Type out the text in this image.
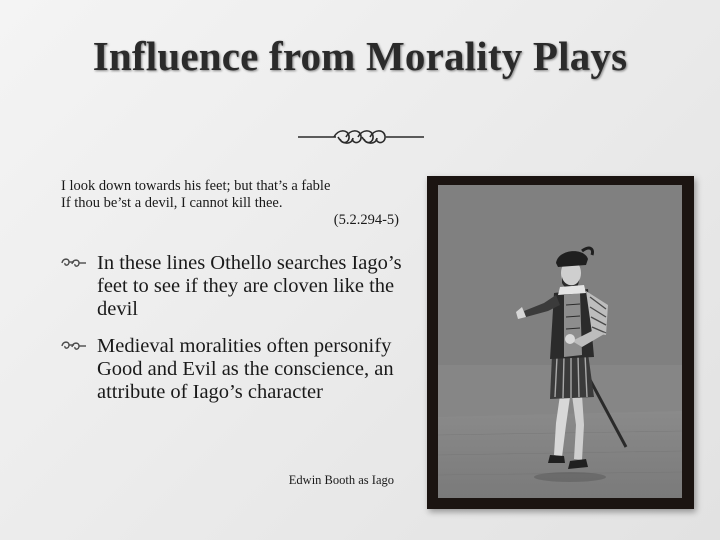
Influence from Morality Plays
I look down towards his feet; but that’s a fable
If thou be’st a devil, I cannot kill thee.
(5.2.294-5)
In these lines Othello searches Iago’s feet to see if they are cloven like the devil
Medieval moralities often personify Good and Evil as the conscience, an attribute of Iago’s character
Edwin Booth as Iago
